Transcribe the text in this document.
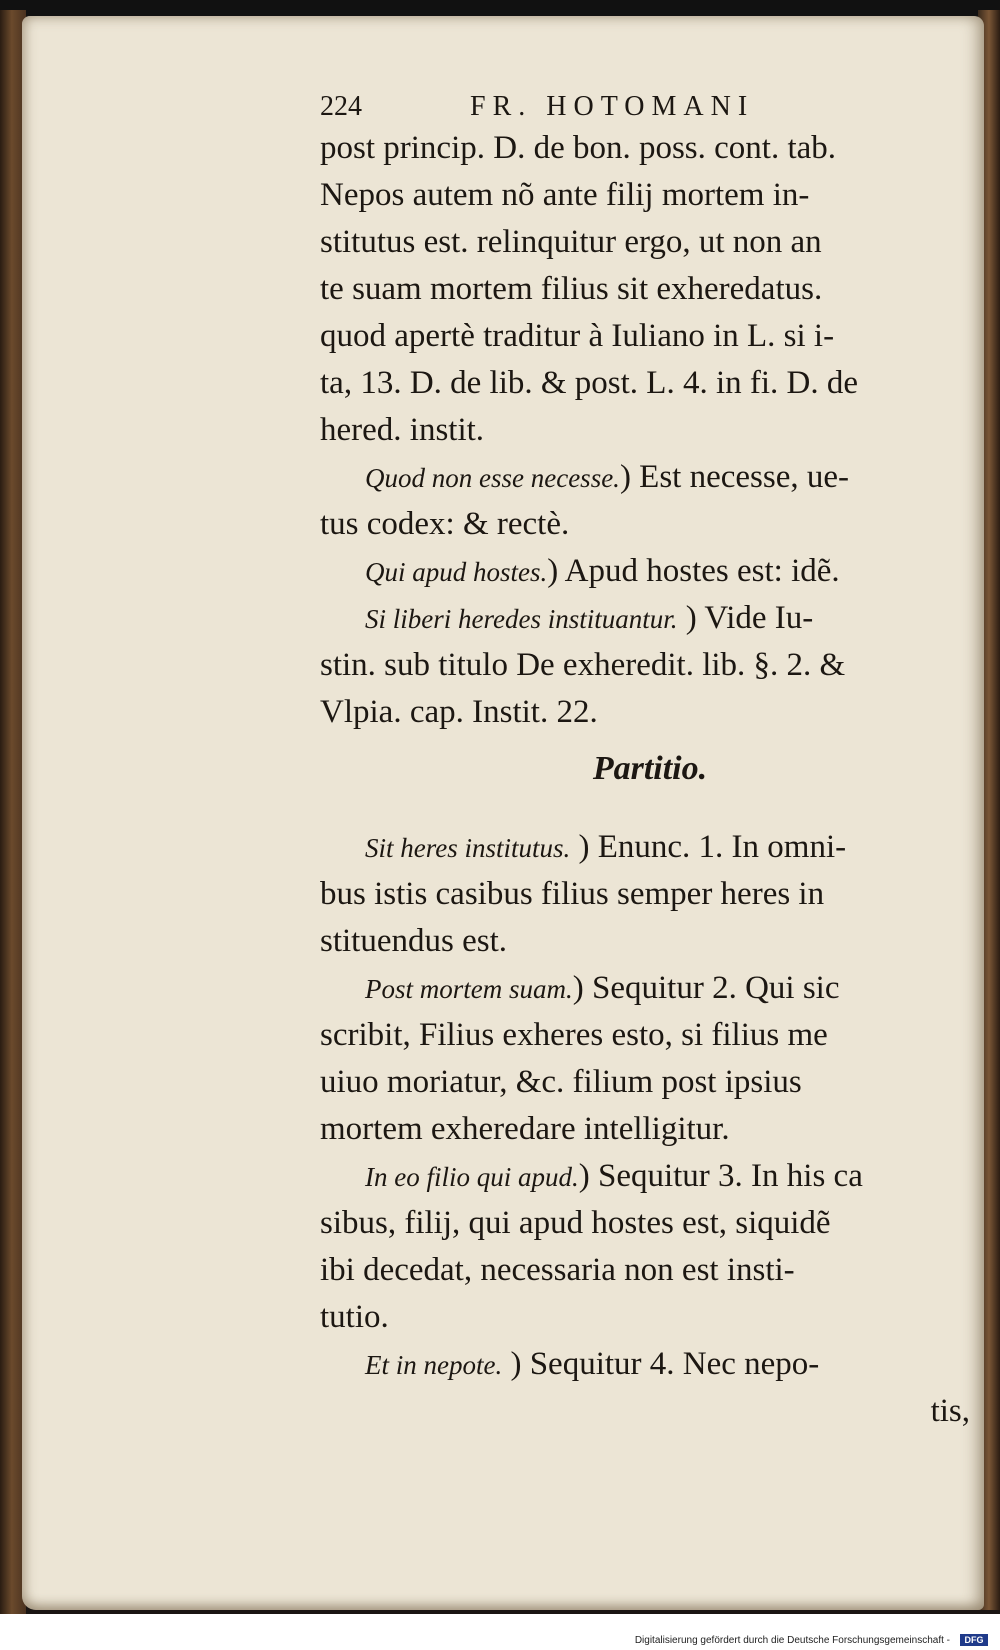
224	FR. HOTOMANI
post princip. D. de bon. poss. cont. tab.
Nepos autem nõ ante filij mortem in-
stitutus est. relinquitur ergo, ut non an
te suam mortem filius sit exheredatus.
quod apertè traditur à Iuliano in L. si i-
ta, 13. D. de lib. & post. L. 4. in fi. D. de
hered. instit.
Quod non esse necesse.) Est necesse, ue-
tus codex: & rectè.
Qui apud hostes.) Apud hostes est: idẽ.
Si liberi heredes instituantur. ) Vide Iu-
stin. sub titulo De exheredit. lib. §. 2. &
Vlpia. cap. Instit. 22.
Partitio.
Sit heres institutus. ) Enunc. 1. In omni-
bus istis casibus filius semper heres in
stituendus est.
Post mortem suam.) Sequitur 2. Qui sic
scribit, Filius exheres esto, si filius me
uiuo moriatur, &c. filium post ipsius
mortem exheredare intelligitur.
In eo filio qui apud.) Sequitur 3. In his ca
sibus, filij, qui apud hostes est, siquidẽ
ibi decedat, necessaria non est insti-
tutio.
Et in nepote. ) Sequitur 4. Nec nepo-
tis,
Digitalisierung gefördert durch die Deutsche Forschungsgemeinschaft -	DFG
